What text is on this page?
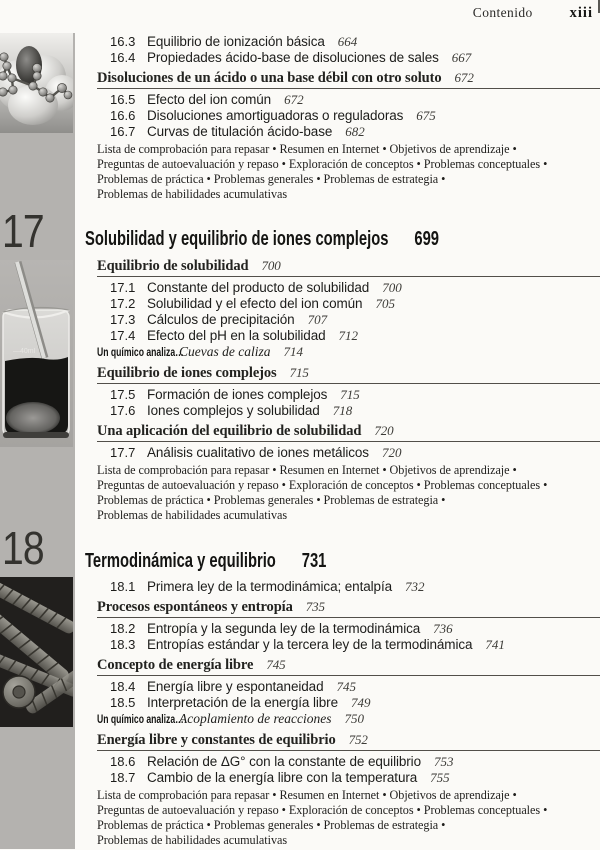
Contenido	xiii
17
—40ml
18
16.3 Equilibrio de ionización básica 664
16.4 Propiedades ácido-base de disoluciones de sales 667
Disoluciones de un ácido o una base débil con otro soluto 672
16.5 Efecto del ion común 672
16.6 Disoluciones amortiguadoras o reguladoras 675
16.7 Curvas de titulación ácido-base 682
Lista de comprobación para repasar • Resumen en Internet • Objetivos de aprendizaje •
Preguntas de autoevaluación y repaso • Exploración de conceptos • Problemas conceptuales •
Problemas de práctica • Problemas generales • Problemas de estrategia •
Problemas de habilidades acumulativas
Solubilidad y equilibrio de iones complejos 699
Equilibrio de solubilidad 700
17.1 Constante del producto de solubilidad 700
17.2 Solubilidad y el efecto del ion común 705
17.3 Cálculos de precipitación 707
17.4 Efecto del pH en la solubilidad 712
Un químico analiza…
Cuevas de caliza 714
Equilibrio de iones complejos 715
17.5 Formación de iones complejos 715
17.6 Iones complejos y solubilidad 718
Una aplicación del equilibrio de solubilidad 720
17.7 Análisis cualitativo de iones metálicos 720
Lista de comprobación para repasar • Resumen en Internet • Objetivos de aprendizaje •
Preguntas de autoevaluación y repaso • Exploración de conceptos • Problemas conceptuales •
Problemas de práctica • Problemas generales • Problemas de estrategia •
Problemas de habilidades acumulativas
Termodinámica y equilibrio 731
18.1 Primera ley de la termodinámica; entalpía 732
Procesos espontáneos y entropía 735
18.2 Entropía y la segunda ley de la termodinámica 736
18.3 Entropías estándar y la tercera ley de la termodinámica 741
Concepto de energía libre 745
18.4 Energía libre y espontaneidad 745
18.5 Interpretación de la energía libre 749
Un químico analiza…
Acoplamiento de reacciones 750
Energía libre y constantes de equilibrio 752
18.6 Relación de ΔG° con la constante de equilibrio 753
18.7 Cambio de la energía libre con la temperatura 755
Lista de comprobación para repasar • Resumen en Internet • Objetivos de aprendizaje •
Preguntas de autoevaluación y repaso • Exploración de conceptos • Problemas conceptuales •
Problemas de práctica • Problemas generales • Problemas de estrategia •
Problemas de habilidades acumulativas
